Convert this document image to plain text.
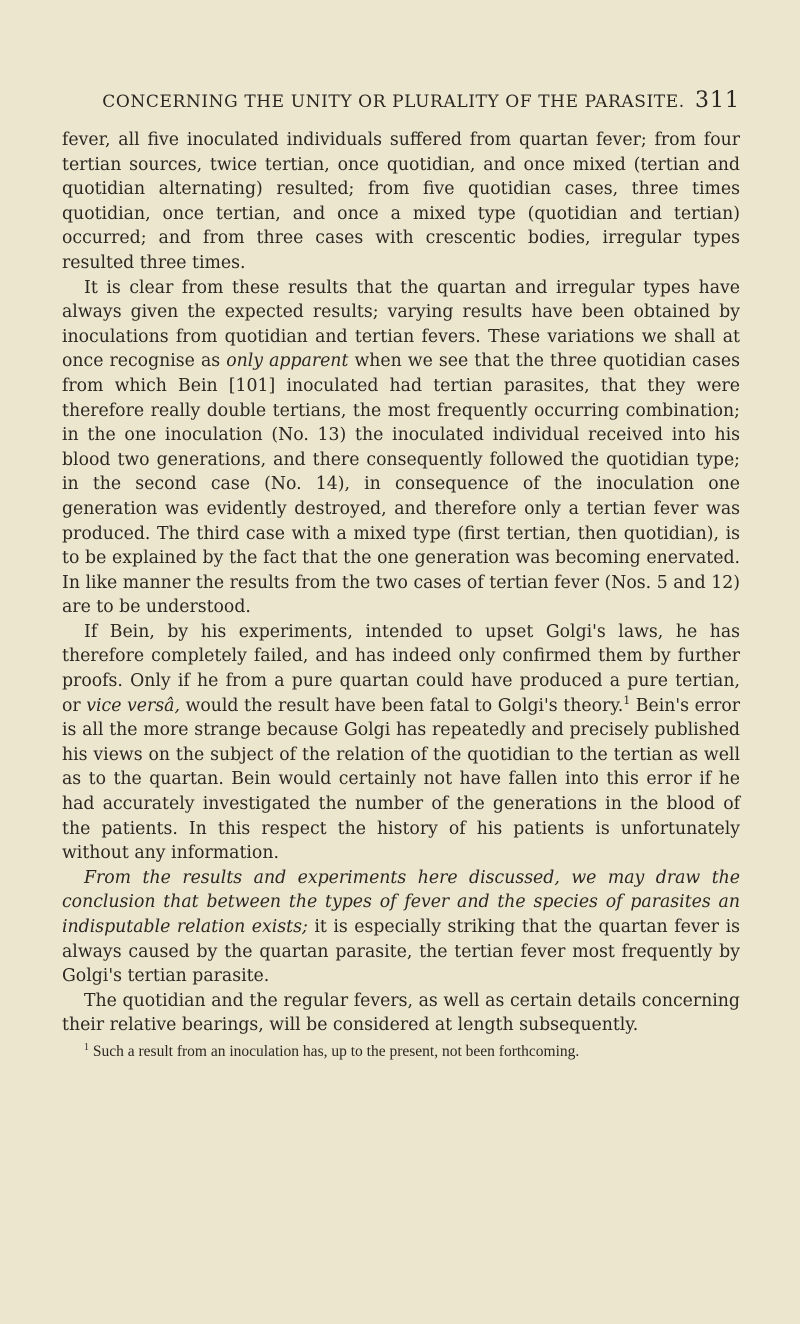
CONCERNING THE UNITY OR PLURALITY OF THE PARASITE. 311

fever, all five inoculated individuals suffered from quartan fever; from four tertian sources, twice tertian, once quotidian, and once mixed (tertian and quotidian alternating) resulted; from five quotidian cases, three times quotidian, once tertian, and once a mixed type (quotidian and tertian) occurred; and from three cases with crescentic bodies, irregular types resulted three times.

It is clear from these results that the quartan and irregular types have always given the expected results; varying results have been obtained by inoculations from quotidian and tertian fevers. These variations we shall at once recognise as only apparent when we see that the three quotidian cases from which Bein [101] inoculated had tertian parasites, that they were therefore really double tertians, the most frequently occurring combination; in the one inoculation (No. 13) the inoculated individual received into his blood two generations, and there consequently followed the quotidian type; in the second case (No. 14), in consequence of the inoculation one generation was evidently destroyed, and therefore only a tertian fever was produced. The third case with a mixed type (first tertian, then quotidian), is to be explained by the fact that the one generation was becoming enervated. In like manner the results from the two cases of tertian fever (Nos. 5 and 12) are to be understood.

If Bein, by his experiments, intended to upset Golgi's laws, he has therefore completely failed, and has indeed only confirmed them by further proofs. Only if he from a pure quartan could have produced a pure tertian, or vice versâ, would the result have been fatal to Golgi's theory.$^1$ Bein's error is all the more strange because Golgi has repeatedly and precisely published his views on the subject of the relation of the quotidian to the tertian as well as to the quartan. Bein would certainly not have fallen into this error if he had accurately investigated the number of the generations in the blood of the patients. In this respect the history of his patients is unfortunately without any information.

From the results and experiments here discussed, we may draw the conclusion that between the types of fever and the species of parasites an indisputable relation exists; it is especially striking that the quartan fever is always caused by the quartan parasite, the tertian fever most frequently by Golgi's tertian parasite.

The quotidian and the regular fevers, as well as certain details concerning their relative bearings, will be considered at length subsequently.

$^1$ Such a result from an inoculation has, up to the present, not been forthcoming.
